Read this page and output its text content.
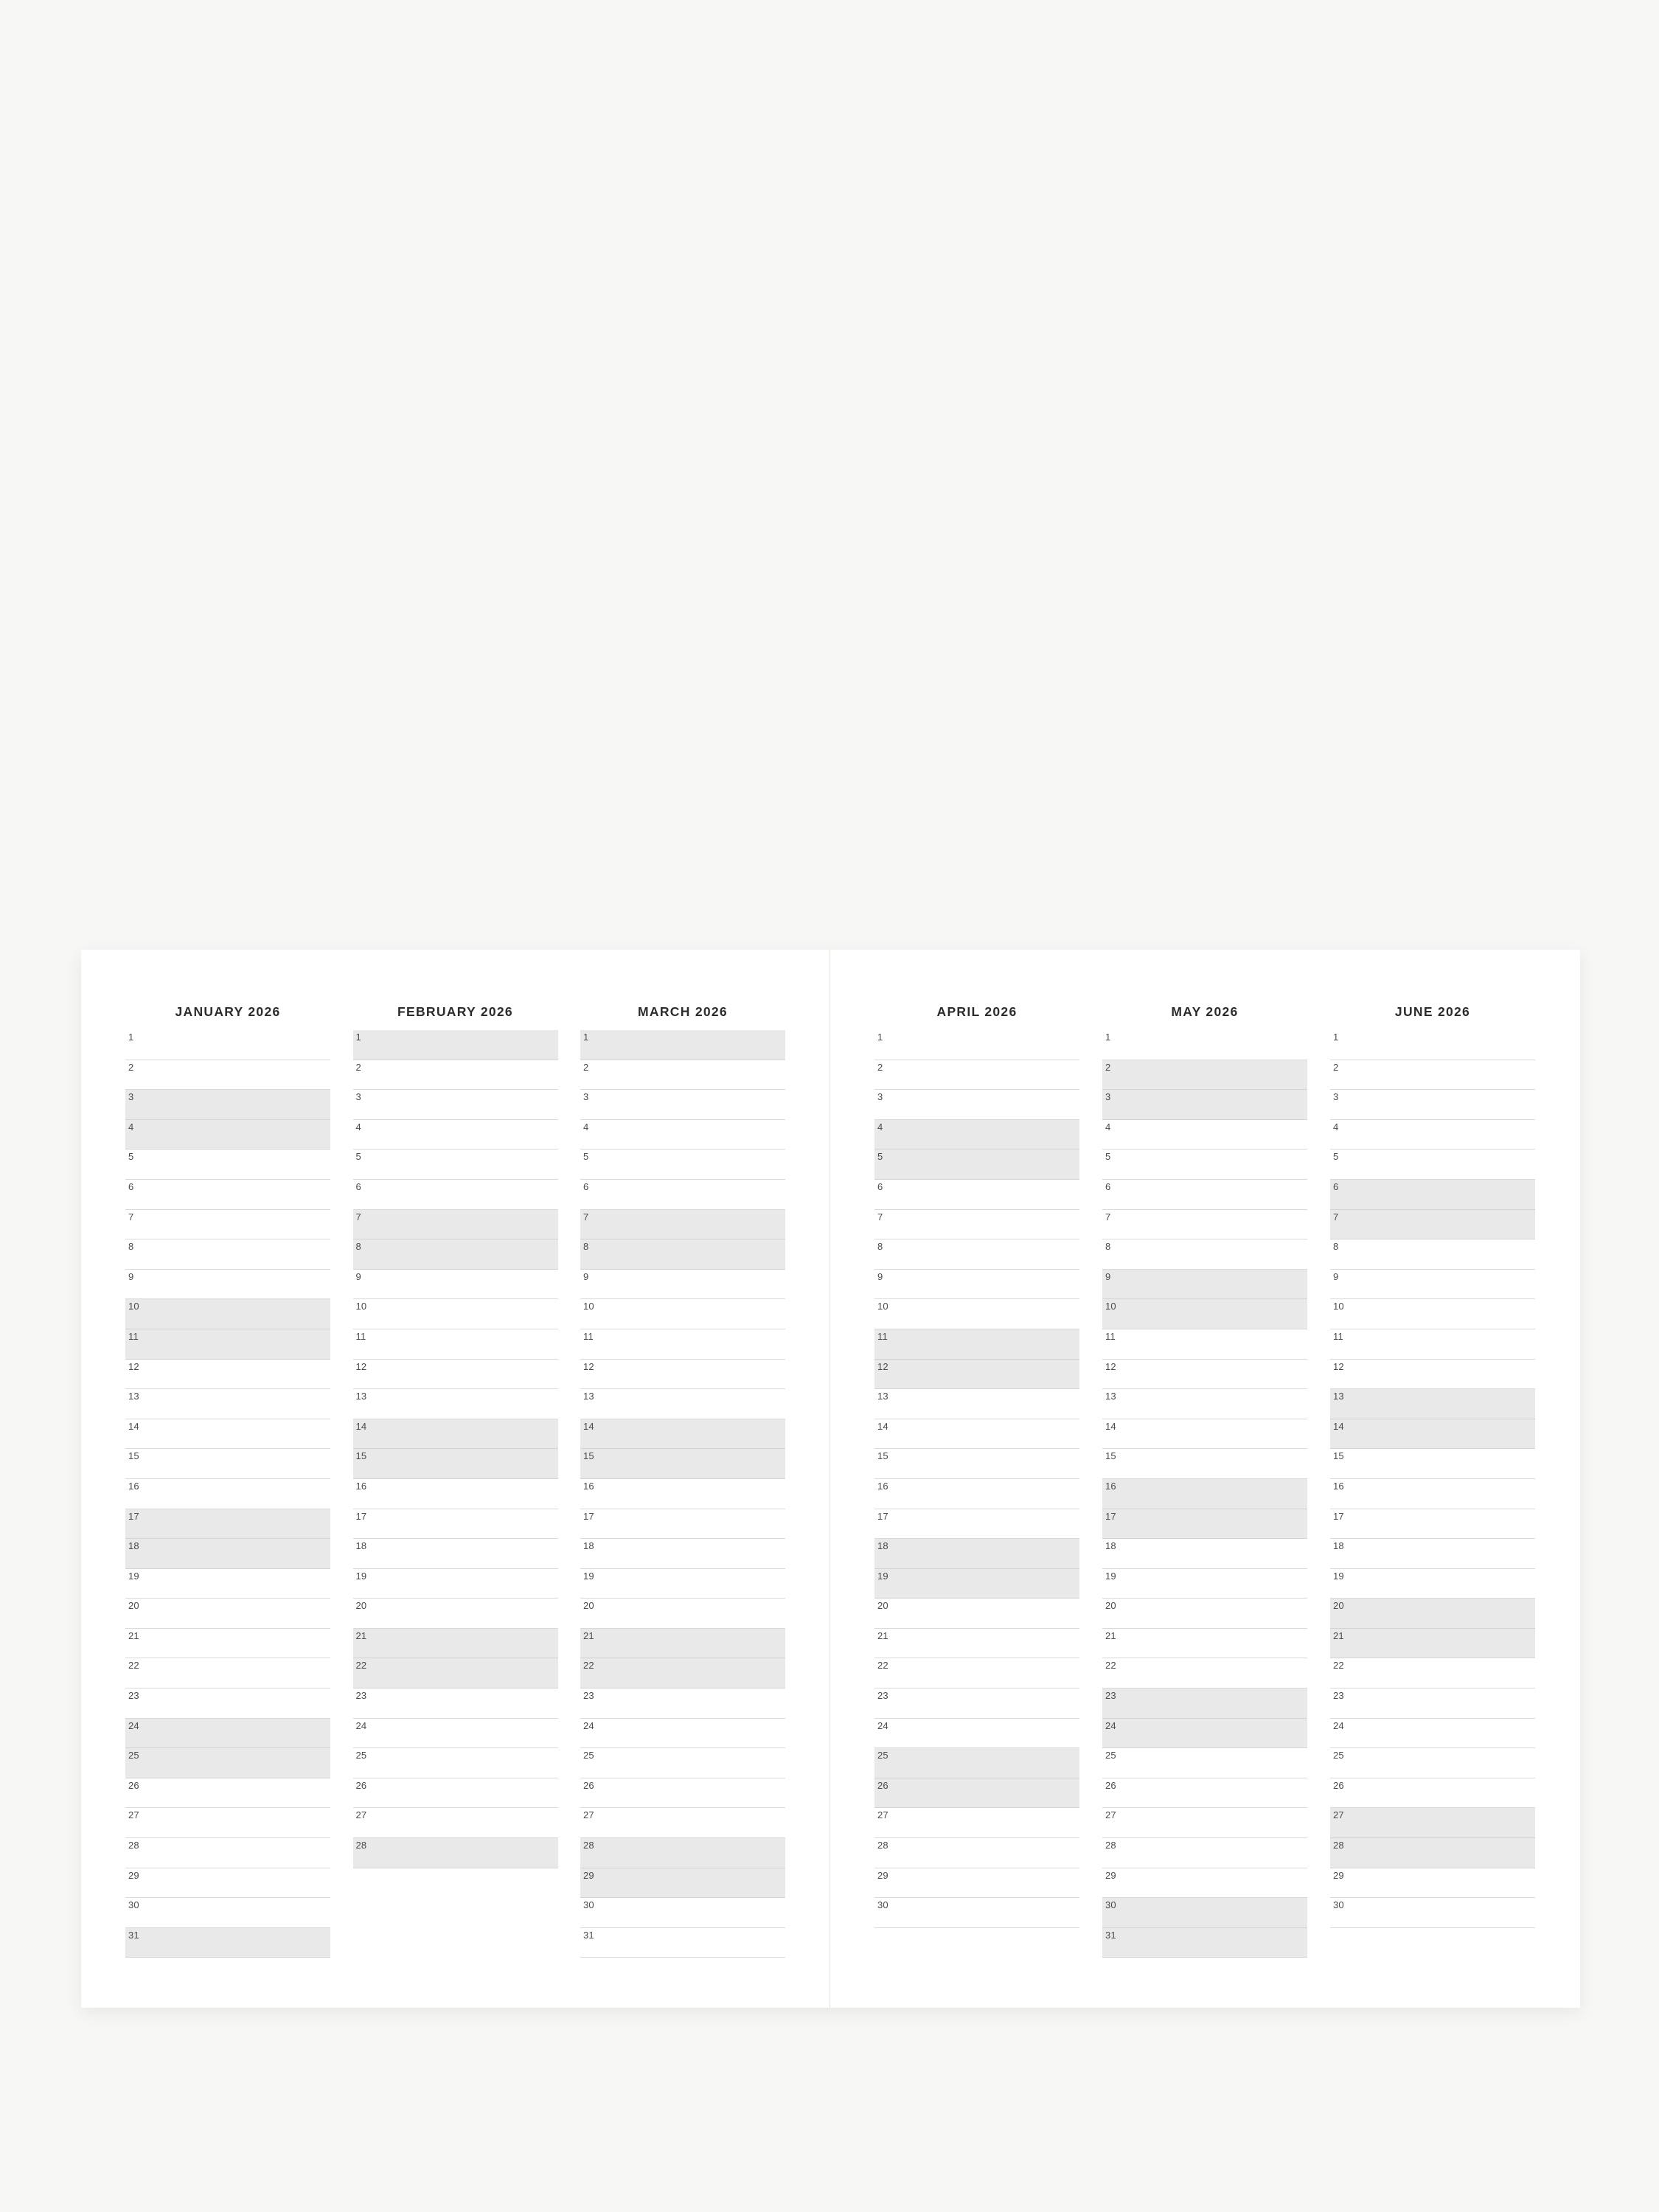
JANUARY 2026
1
2
3
4
5
6
7
8
9
10
11
12
13
14
15
16
17
18
19
20
21
22
23
24
25
26
27
28
29
30
31
FEBRUARY 2026
1
2
3
4
5
6
7
8
9
10
11
12
13
14
15
16
17
18
19
20
21
22
23
24
25
26
27
28
MARCH 2026
1
2
3
4
5
6
7
8
9
10
11
12
13
14
15
16
17
18
19
20
21
22
23
24
25
26
27
28
29
30
31
APRIL 2026
1
2
3
4
5
6
7
8
9
10
11
12
13
14
15
16
17
18
19
20
21
22
23
24
25
26
27
28
29
30
MAY 2026
1
2
3
4
5
6
7
8
9
10
11
12
13
14
15
16
17
18
19
20
21
22
23
24
25
26
27
28
29
30
31
JUNE 2026
1
2
3
4
5
6
7
8
9
10
11
12
13
14
15
16
17
18
19
20
21
22
23
24
25
26
27
28
29
30
